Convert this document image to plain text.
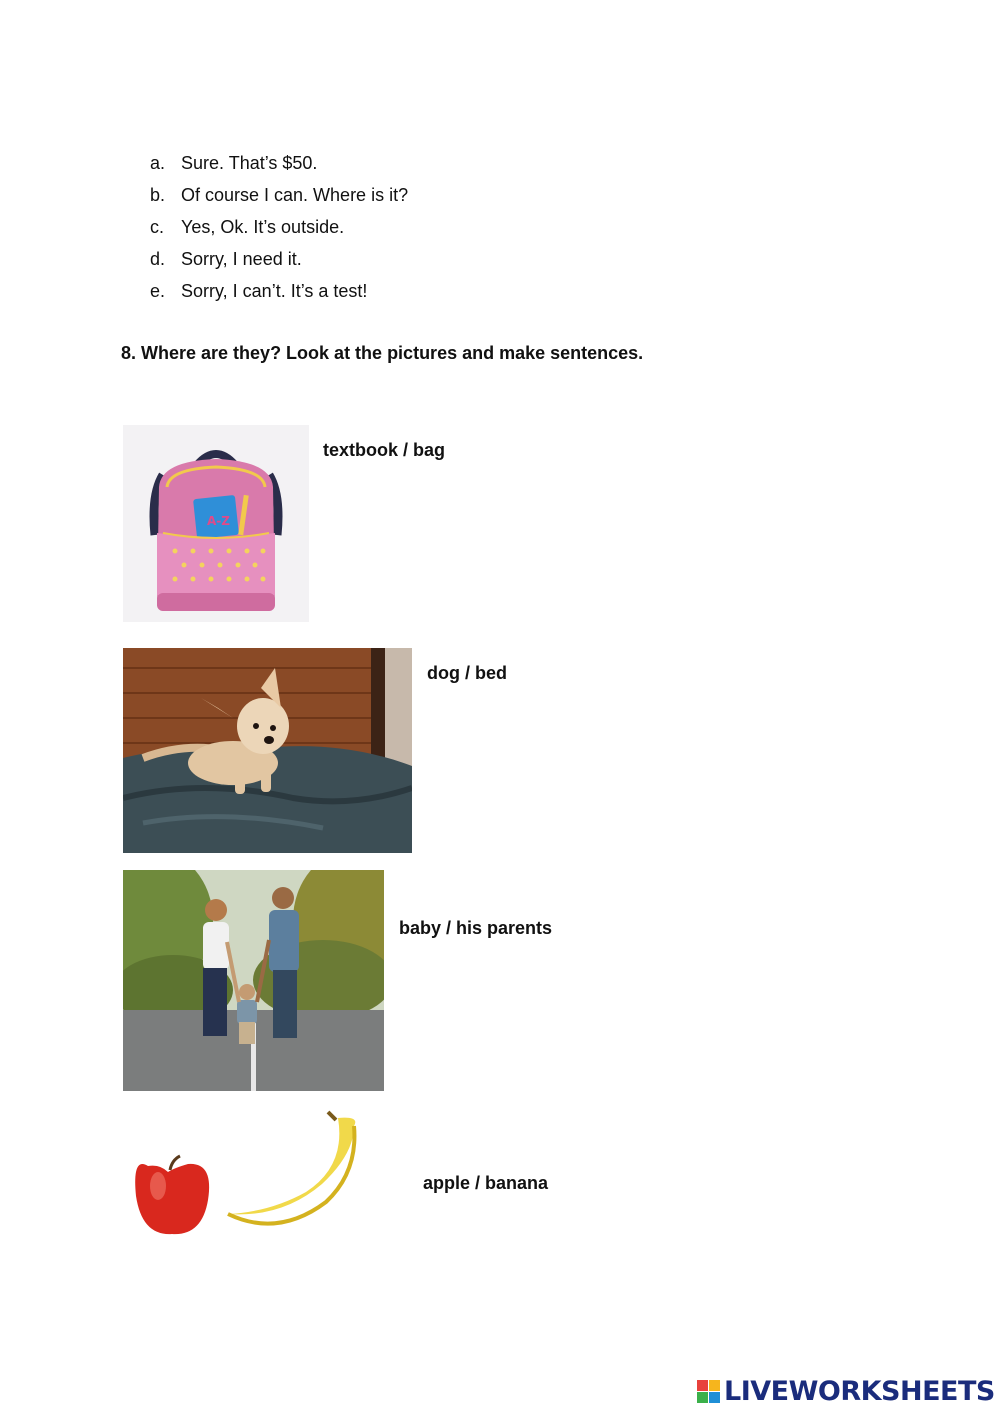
a. Sure. That’s $50.
b. Of course I can. Where is it?
c. Yes, Ok. It’s outside.
d. Sorry, I need it.
e. Sorry, I can’t. It’s a test!
8. Where are they? Look at the pictures and make sentences.
A-Z
textbook / bag
dog / bed
baby / his parents
apple / banana
LIVEWORKSHEETS
